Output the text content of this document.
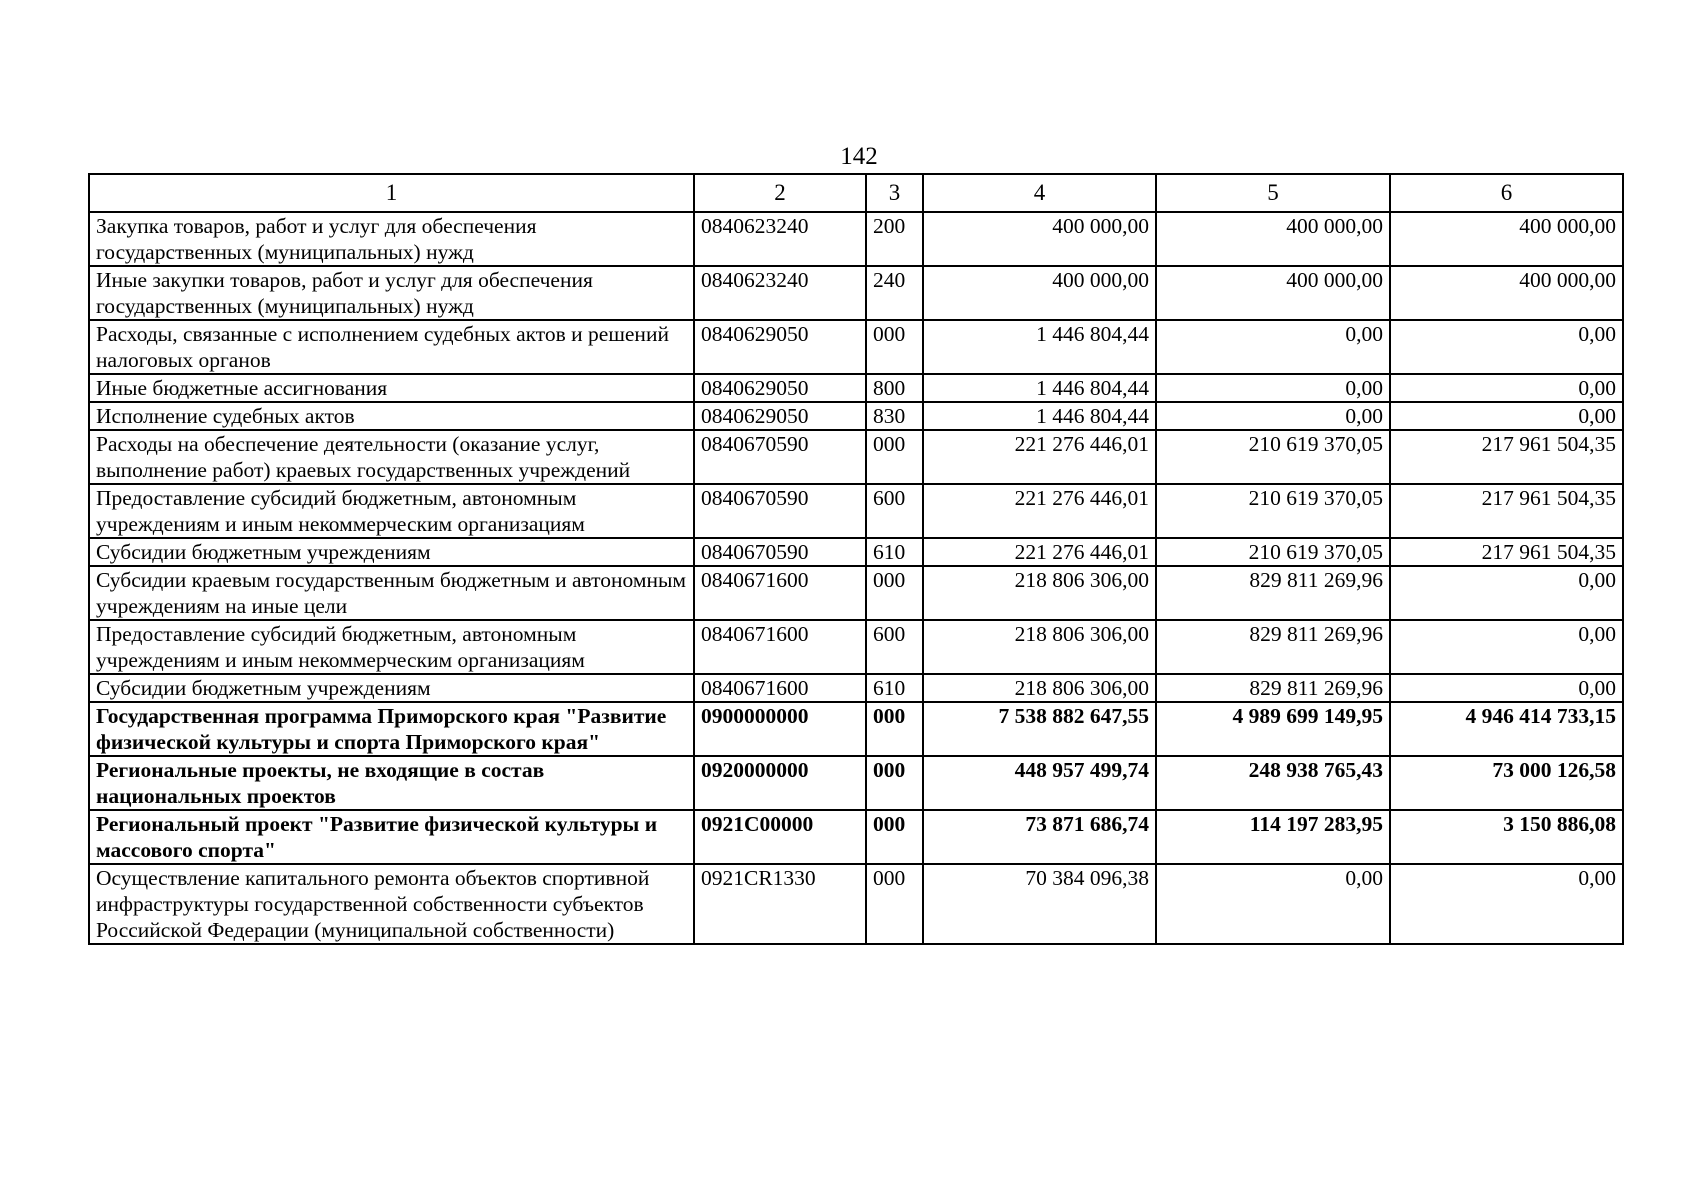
142
1	2	3	4	5	6
Закупка товаров, работ и услуг для обеспечения государственных (муниципальных) нужд	0840623240	200	400 000,00	400 000,00	400 000,00
Иные закупки товаров, работ и услуг для обеспечения государственных (муниципальных) нужд	0840623240	240	400 000,00	400 000,00	400 000,00
Расходы, связанные с исполнением судебных актов и решений налоговых органов	0840629050	000	1 446 804,44	0,00	0,00
Иные бюджетные ассигнования	0840629050	800	1 446 804,44	0,00	0,00
Исполнение судебных актов	0840629050	830	1 446 804,44	0,00	0,00
Расходы на обеспечение деятельности (оказание услуг, выполнение работ) краевых государственных учреждений	0840670590	000	221 276 446,01	210 619 370,05	217 961 504,35
Предоставление субсидий бюджетным, автономным учреждениям и иным некоммерческим организациям	0840670590	600	221 276 446,01	210 619 370,05	217 961 504,35
Субсидии бюджетным учреждениям	0840670590	610	221 276 446,01	210 619 370,05	217 961 504,35
Субсидии краевым государственным бюджетным и автономным учреждениям на иные цели	0840671600	000	218 806 306,00	829 811 269,96	0,00
Предоставление субсидий бюджетным, автономным учреждениям и иным некоммерческим организациям	0840671600	600	218 806 306,00	829 811 269,96	0,00
Субсидии бюджетным учреждениям	0840671600	610	218 806 306,00	829 811 269,96	0,00
Государственная программа Приморского края "Развитие физической культуры и спорта Приморского края"	0900000000	000	7 538 882 647,55	4 989 699 149,95	4 946 414 733,15
Региональные проекты, не входящие в состав национальных проектов	0920000000	000	448 957 499,74	248 938 765,43	73 000 126,58
Региональный проект "Развитие физической культуры и массового спорта"	0921С00000	000	73 871 686,74	114 197 283,95	3 150 886,08
Осуществление капитального ремонта объектов спортивной инфраструктуры государственной собственности субъектов Российской Федерации (муниципальной собственности)	0921CR1330	000	70 384 096,38	0,00	0,00
